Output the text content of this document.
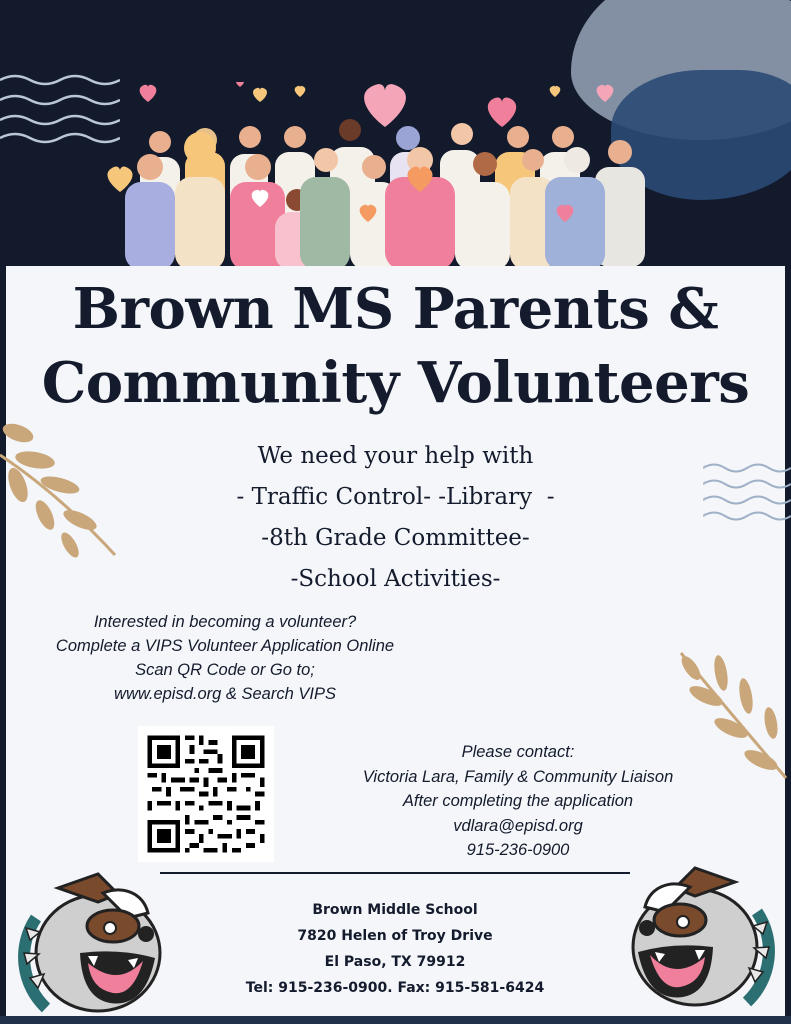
Brown MS Parents &
Community Volunteers
We need your help with
- Traffic Control- -Library  -
-8th Grade Committee-
-School Activities-
Interested in becoming a volunteer?
Complete a VIPS Volunteer Application Online
Scan QR Code or Go to;
www.episd.org & Search VIPS
Please contact:
Victoria Lara, Family & Community Liaison
After completing the application
vdlara@episd.org
915-236-0900
Brown Middle School
7820 Helen of Troy Drive
El Paso, TX 79912
Tel: 915-236-0900. Fax: 915-581-6424
